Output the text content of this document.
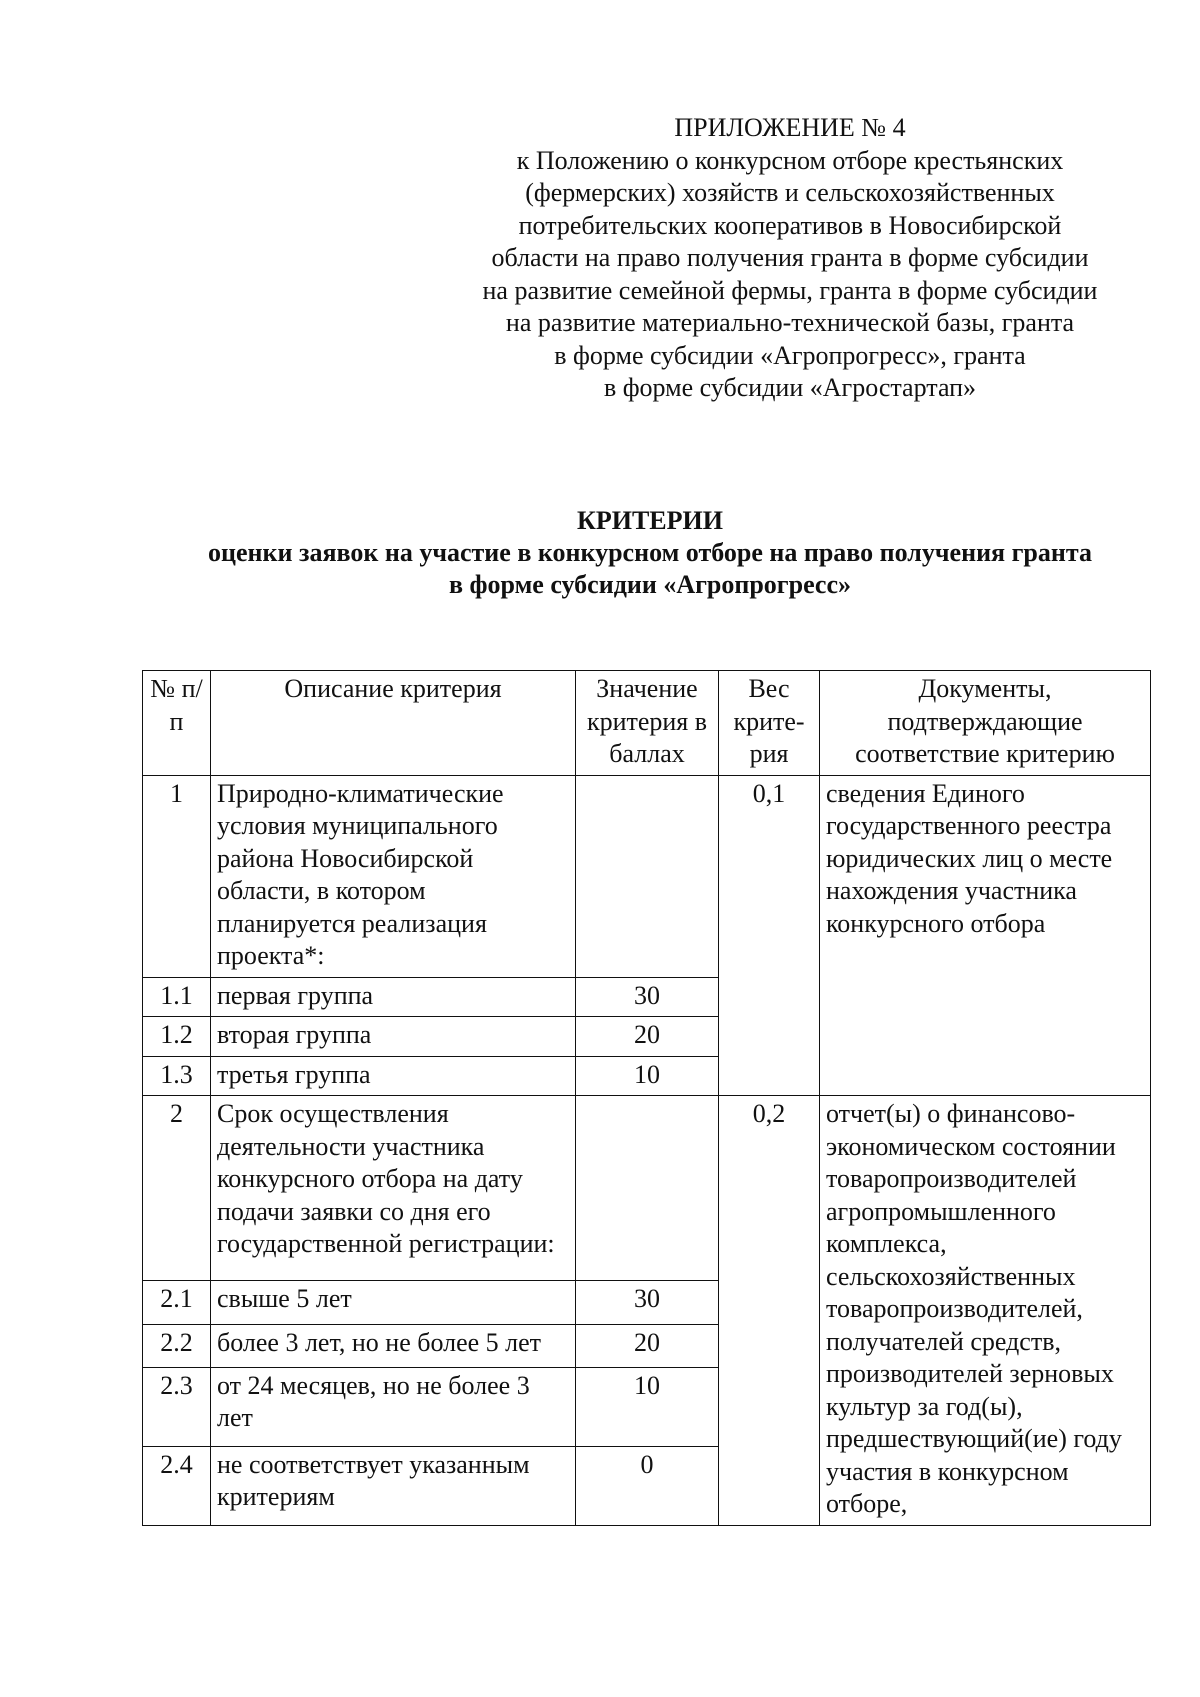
ПРИЛОЖЕНИЕ № 4
к Положению о конкурсном отборе крестьянских
(фермерских) хозяйств и сельскохозяйственных
потребительских кооперативов в Новосибирской
области на право получения гранта в форме субсидии
на развитие семейной фермы, гранта в форме субсидии
на развитие материально-технической базы, гранта
в форме субсидии «Агропрогресс», гранта
в форме субсидии «Агростартап»
КРИТЕРИИ
оценки заявок на участие в конкурсном отборе на право получения гранта
в форме субсидии «Агропрогресс»
№ п/п	Описание критерия	Значение критерия в баллах	Вес крите-рия	Документы, подтверждающие соответствие критерию
1	Природно-климатические условия муниципального района Новосибирской области, в котором планируется реализация проекта*:		0,1	сведения Единого государственного реестра юридических лиц о месте нахождения участника конкурсного отбора
1.1	первая группа	30		
1.2	вторая группа	20		
1.3	третья группа	10		
2	Срок осуществления деятельности участника конкурсного отбора на дату подачи заявки со дня его государственной регистрации:		0,2	отчет(ы) о финансово-экономическом состоянии товаропроизводителей агропромышленного комплекса, сельскохозяйственных товаропроизводителей, получателей средств, производителей зерновых культур за год(ы), предшествующий(ие) году участия в конкурсном отборе,
2.1	свыше 5 лет	30		
2.2	более 3 лет, но не более 5 лет	20		
2.3	от 24 месяцев, но не более 3 лет	10		
2.4	не соответствует указанным критериям	0		
